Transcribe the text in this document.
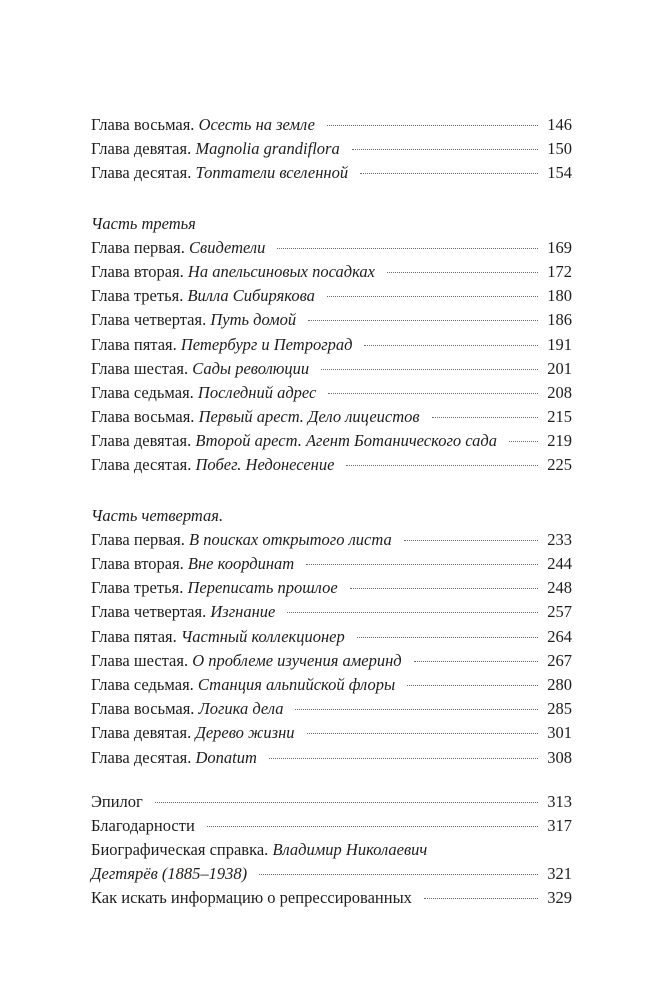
Глава восьмая. Осесть на земле	146
Глава девятая. Magnolia grandiflora	150
Глава десятая. Топтатели вселенной	154
Часть третья
Глава первая. Свидетели	169
Глава вторая. На апельсиновых посадках	172
Глава третья. Вилла Сибирякова	180
Глава четвертая. Путь домой	186
Глава пятая. Петербург и Петроград	191
Глава шестая. Сады революции	201
Глава седьмая. Последний адрес	208
Глава восьмая. Первый арест. Дело лицеистов	215
Глава девятая. Второй арест. Агент Ботанического сада	219
Глава десятая. Побег. Недонесение	225
Часть четвертая.
Глава первая. В поисках открытого листа	233
Глава вторая. Вне координат	244
Глава третья. Переписать прошлое	248
Глава четвертая. Изгнание	257
Глава пятая. Частный коллекционер	264
Глава шестая. О проблеме изучения америнд	267
Глава седьмая. Станция альпийской флоры	280
Глава восьмая. Логика дела	285
Глава девятая. Дерево жизни	301
Глава десятая. Donatum	308
Эпилог	313
Благодарности	317
Биографическая справка. Владимир Николаевич
Дегтярёв (1885–1938)	321
Как искать информацию о репрессированных	329
